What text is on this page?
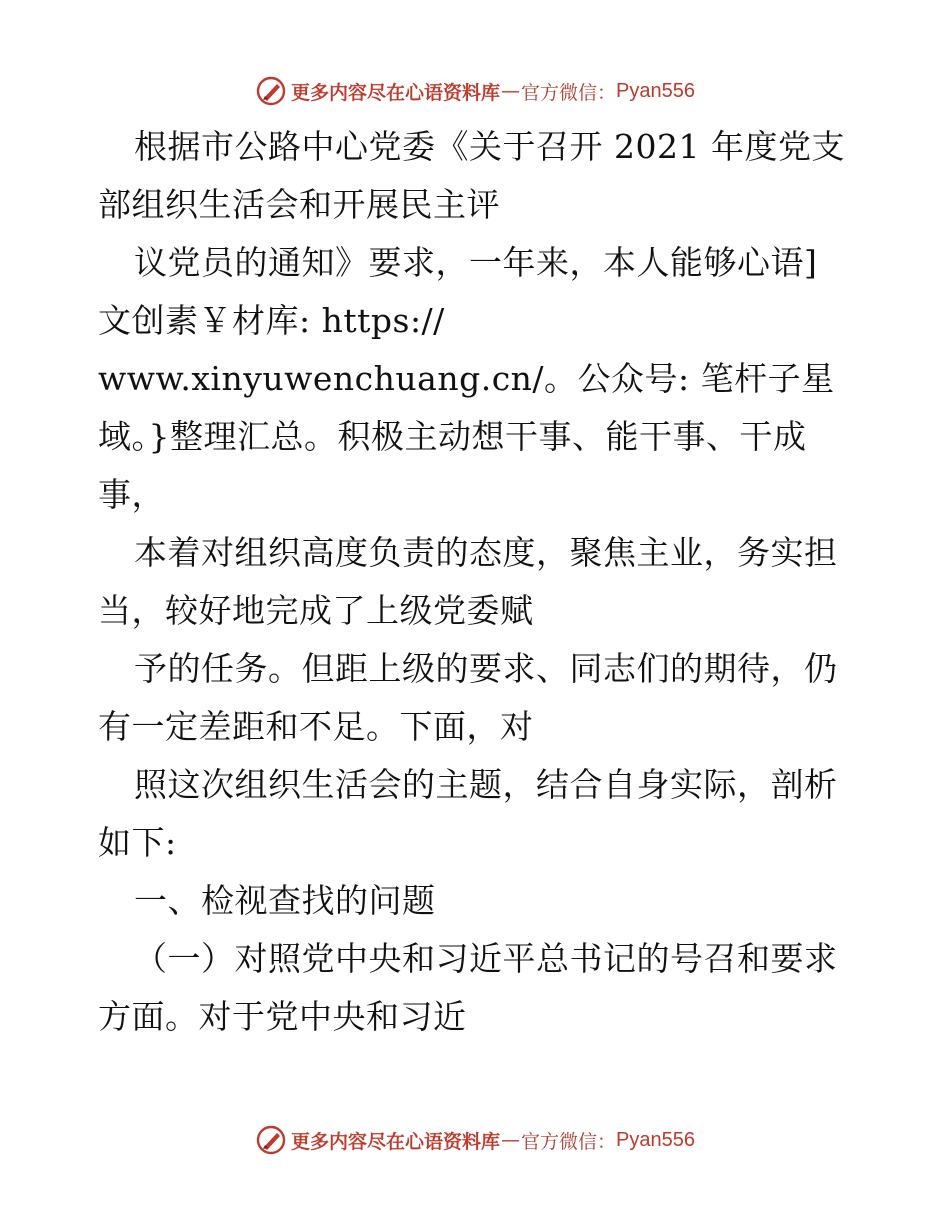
更多内容尽在心语资料库 — 官方微信： Pyan556
根据市公路中心党委《关于召开 2021 年度党支
部组织生活会和开展民主评
议党员的通知》要求，一年来，本人能够心语]
文创素￥材库: https://
www.xinyuwenchuang.cn/。公众号: 笔杆子星
域。}整理汇总。积极主动想干事、能干事、干成
事，
本着对组织高度负责的态度，聚焦主业，务实担
当，较好地完成了上级党委赋
予的任务。但距上级的要求、同志们的期待，仍
有一定差距和不足。下面，对
照这次组织生活会的主题，结合自身实际，剖析
如下:
一、检视查找的问题
（一）对照党中央和习近平总书记的号召和要求
方面。对于党中央和习近
更多内容尽在心语资料库 — 官方微信： Pyan556
